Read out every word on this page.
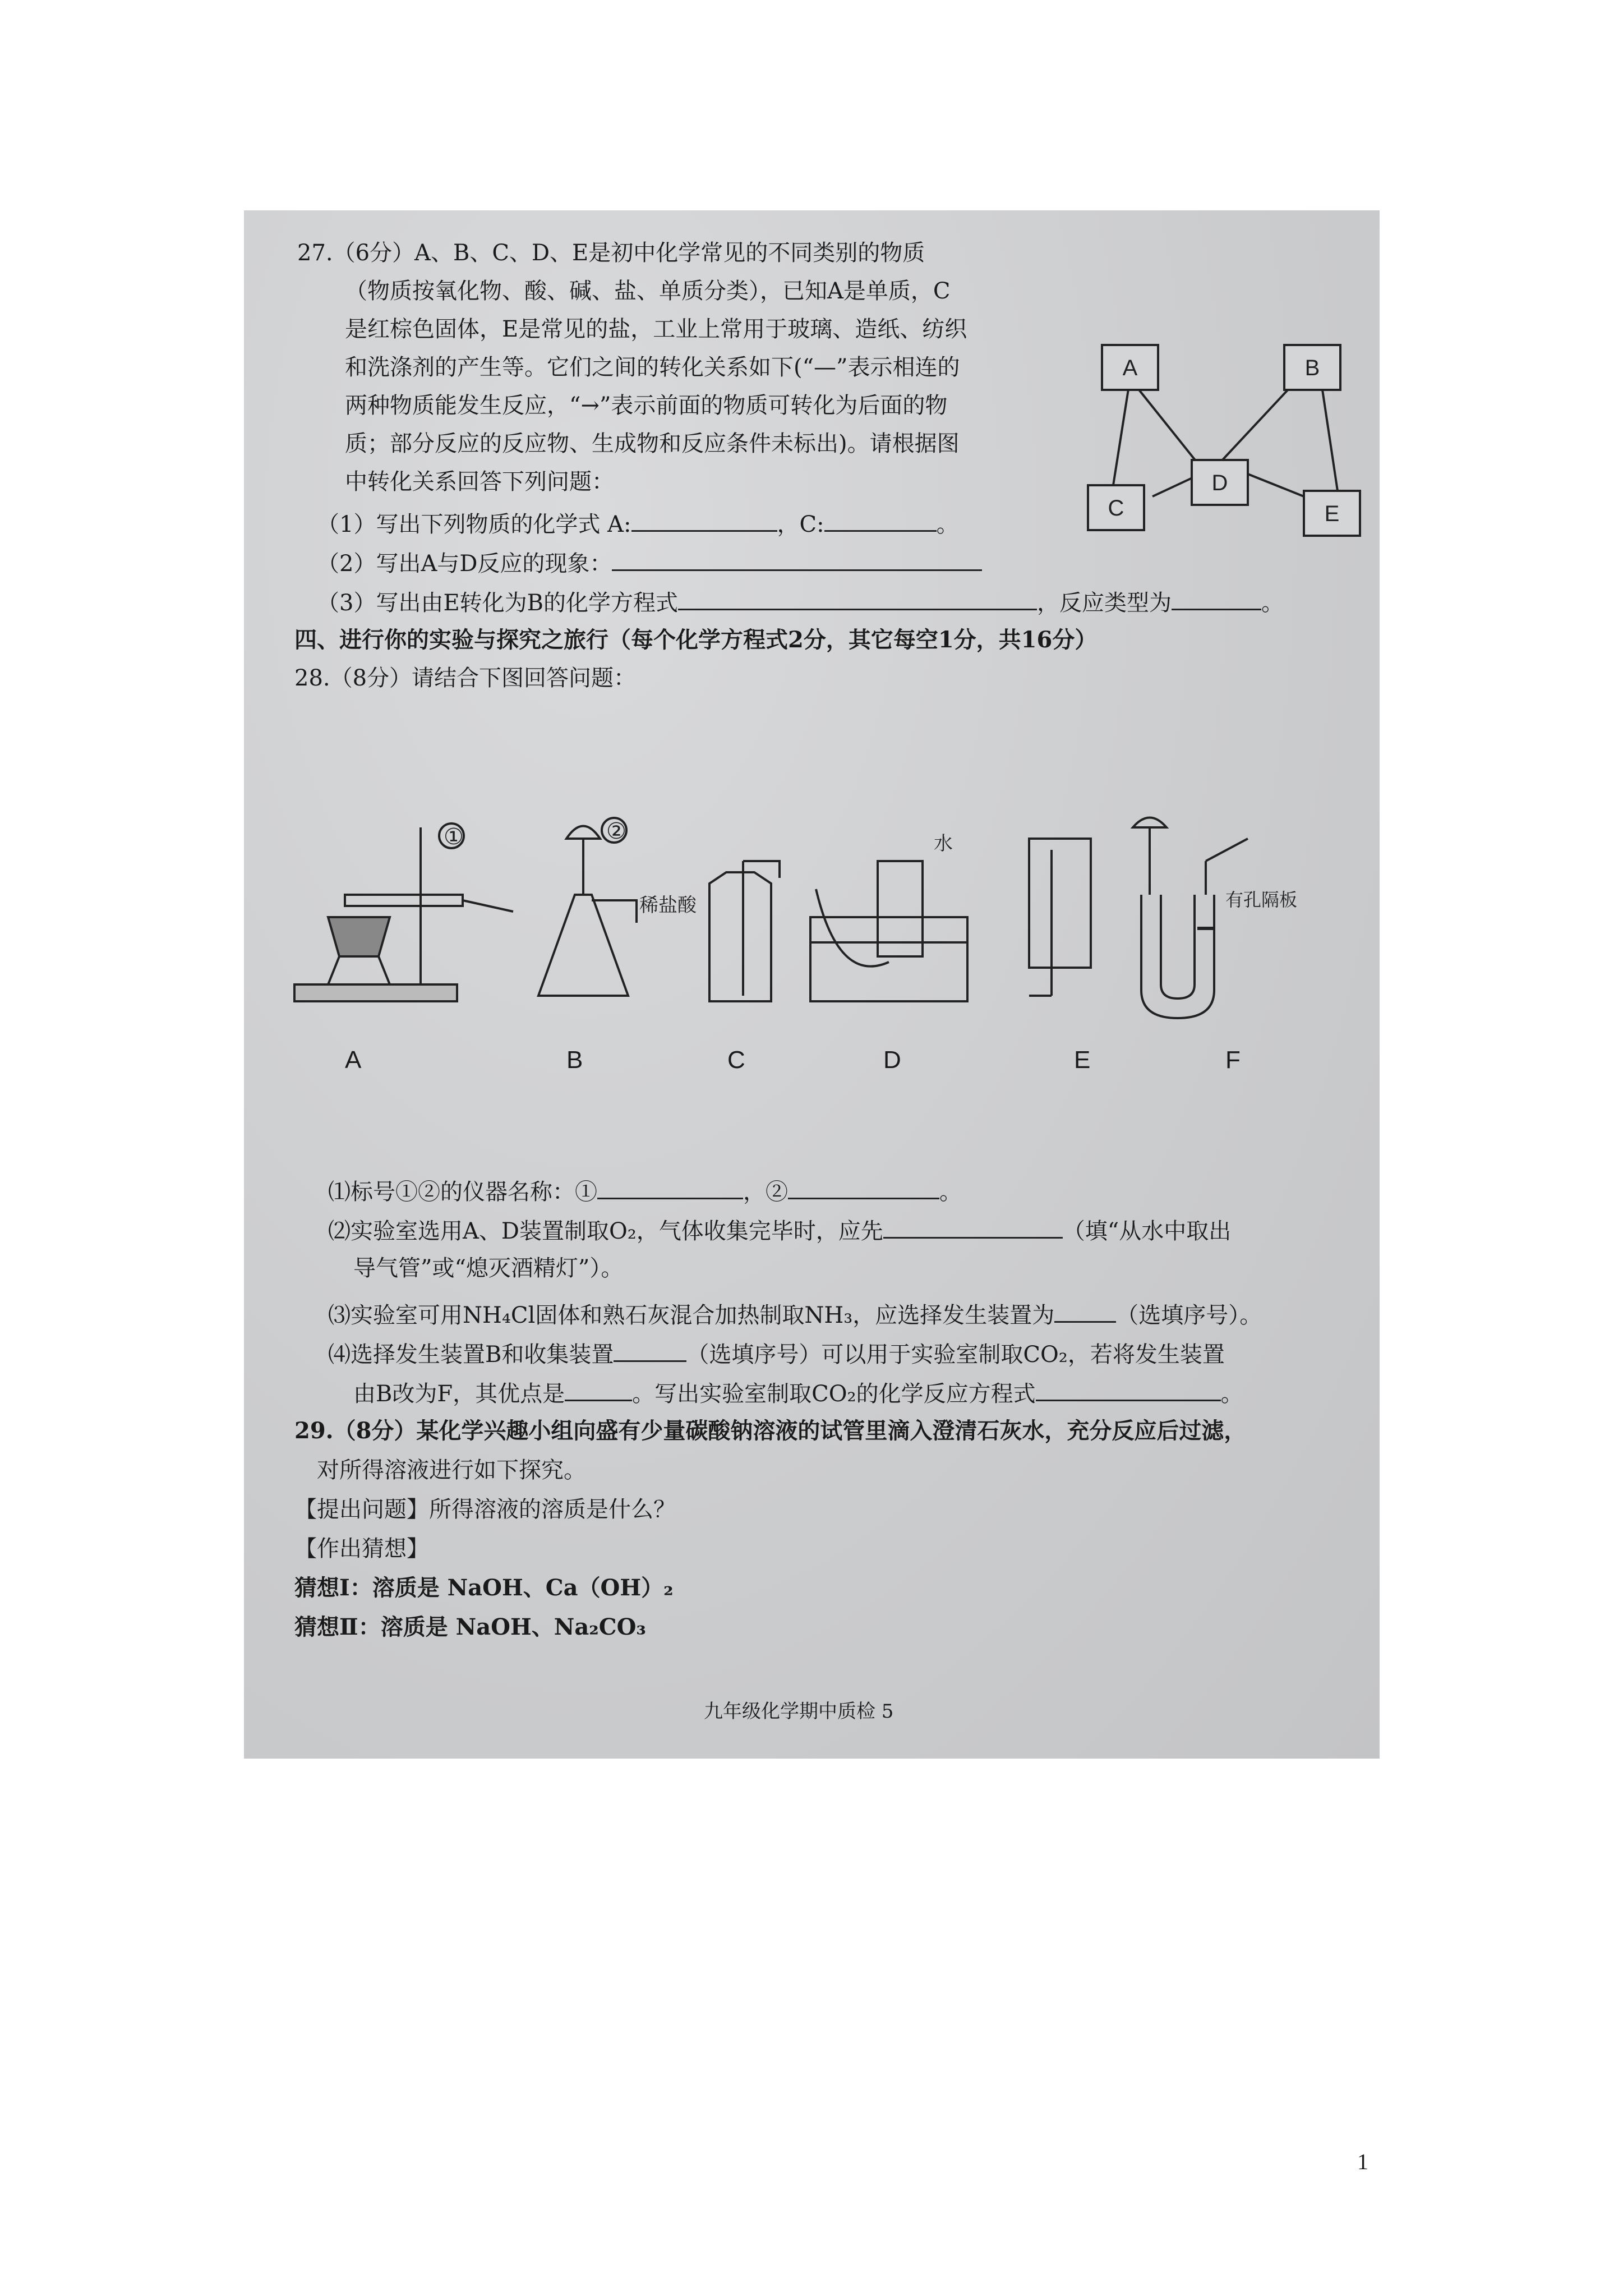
27.（6分）A、B、C、D、E是初中化学常见的不同类别的物质
（物质按氧化物、酸、碱、盐、单质分类），已知A是单质，C
是红棕色固体，E是常见的盐，工业上常用于玻璃、造纸、纺织
和洗涤剂的产生等。它们之间的转化关系如下(“—”表示相连的
两种物质能发生反应，“→”表示前面的物质可转化为后面的物
质；部分反应的反应物、生成物和反应条件未标出)。请根据图
中转化关系回答下列问题：
（1）写出下列物质的化学式 A:	，C:	。
（2）写出A与D反应的现象：
（3）写出由E转化为B的化学方程式	，反应类型为	。
A	B
C
D
E
四、进行你的实验与探究之旅行（每个化学方程式2分，其它每空1分，共16分）
28.（8分）请结合下图回答问题：
①	②
稀盐酸
水
有孔隔板
A	B	C	D	E	F
⑴标号①②的仪器名称：①	，②	。
⑵实验室选用A、D装置制取O₂，气体收集完毕时，应先	（填“从水中取出
导气管”或“熄灭酒精灯”）。
⑶实验室可用NH₄Cl固体和熟石灰混合加热制取NH₃，应选择发生装置为	（选填序号）。
⑷选择发生装置B和收集装置	（选填序号）可以用于实验室制取CO₂，若将发生装置
由B改为F，其优点是	。写出实验室制取CO₂的化学反应方程式	。
29.（8分）某化学兴趣小组向盛有少量碳酸钠溶液的试管里滴入澄清石灰水，充分反应后过滤，
对所得溶液进行如下探究。
【提出问题】所得溶液的溶质是什么？
【作出猜想】
猜想Ⅰ：溶质是 NaOH、Ca（OH）₂
猜想Ⅱ：溶质是 NaOH、Na₂CO₃
九年级化学期中质检 5
1
